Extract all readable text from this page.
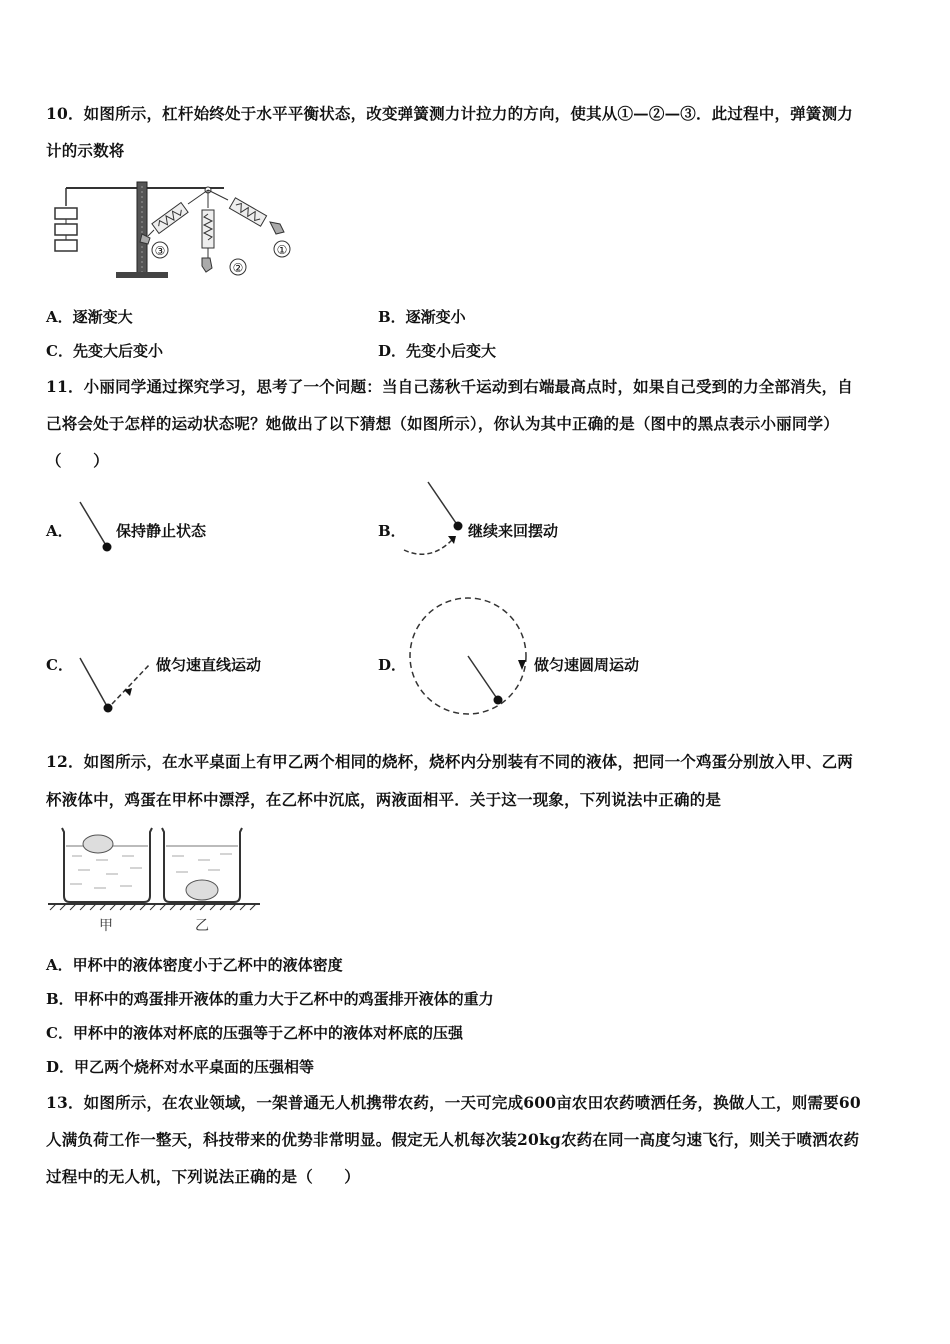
10．如图所示，杠杆始终处于水平平衡状态，改变弹簧测力计拉力的方向，使其从①—②—③．此过程中，弹簧测力
计的示数将
③
②
①
A．逐渐变大	B．逐渐变小
C．先变大后变小	D．先变小后变大
11．小丽同学通过探究学习，思考了一个问题：当自己荡秋千运动到右端最高点时，如果自己受到的力全部消失，自
己将会处于怎样的运动状态呢？她做出了以下猜想（如图所示），你认为其中正确的是（图中的黑点表示小丽同学）
（　　）
A．	保持静止状态	B．	继续来回摆动
C．	做匀速直线运动	D．	做匀速圆周运动
12．如图所示，在水平桌面上有甲乙两个相同的烧杯，烧杯内分别装有不同的液体，把同一个鸡蛋分别放入甲、乙两
杯液体中，鸡蛋在甲杯中漂浮，在乙杯中沉底，两液面相平．关于这一现象，下列说法中正确的是
甲	乙
A．甲杯中的液体密度小于乙杯中的液体密度
B．甲杯中的鸡蛋排开液体的重力大于乙杯中的鸡蛋排开液体的重力
C．甲杯中的液体对杯底的压强等于乙杯中的液体对杯底的压强
D．甲乙两个烧杯对水平桌面的压强相等
13．如图所示，在农业领域，一架普通无人机携带农药，一天可完成600亩农田农药喷洒任务，换做人工，则需要60
人满负荷工作一整天，科技带来的优势非常明显。假定无人机每次装20kg农药在同一高度匀速飞行，则关于喷洒农药
过程中的无人机，下列说法正确的是（　　）
